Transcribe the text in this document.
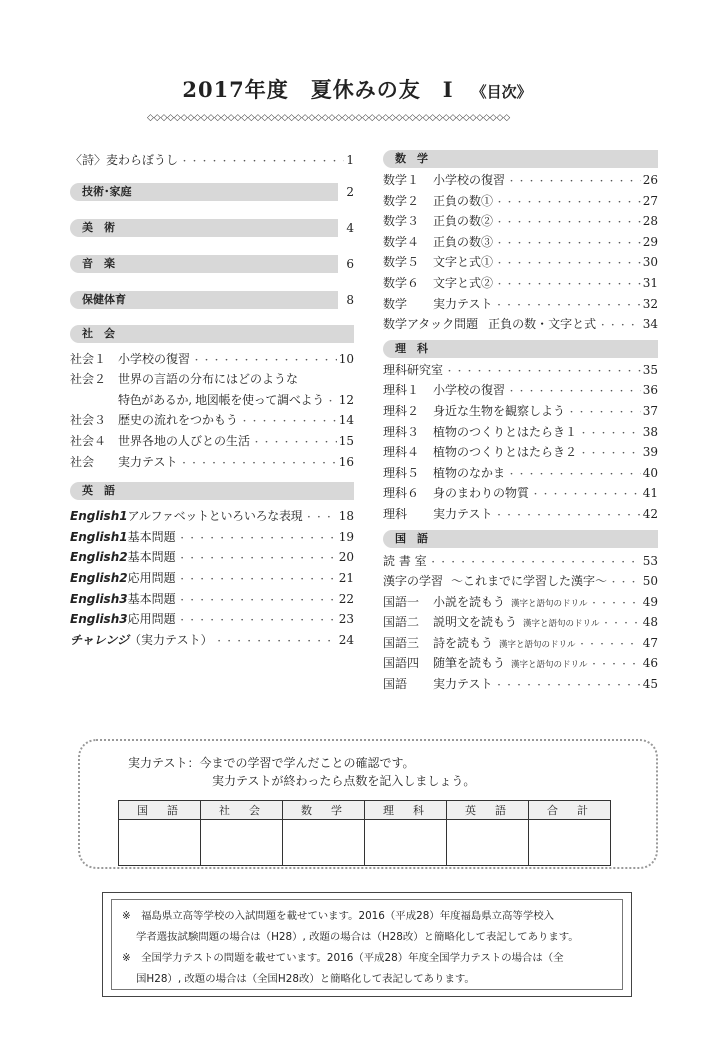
2017年度　夏休みの友　Ⅰ 《目次》
◇◇◇◇◇◇◇◇◇◇◇◇◇◇◇◇◇◇◇◇◇◇◇◇◇◇◇◇◇◇◇◇◇◇◇◇◇◇◇◇◇◇◇◇◇◇◇◇◇◇◇◇◇◇
〈詩〉麦わらぼうし ・・・・・・・・・・・・・・・・・・・・・・・・・・・・・・・・・・・・・・・・・・・・・・・・・・・	1
技術･家庭	2
美　術	4
音　楽	6
保健体育	8
社　会
社会１ 小学校の復習 ・・・・・・・・・・・・・・・・・・・・・・・・・・・・・・・・・・・・・・・・・・・・・・・・・・・	10
社会２ 世界の言語の分布にはどのような
特色があるか, 地図帳を使って調べよう ・・・・・・・・・・・・・・・・・・・・・・・・・・・・・・・・・・・・・・・・・・・・・・・・・・・ 12
社会３ 歴史の流れをつかもう ・・・・・・・・・・・・・・・・・・・・・・・・・・・・・・・・・・・・・・・・・・・・・・・・・・・	14
社会４ 世界各地の人びとの生活 ・・・・・・・・・・・・・・・・・・・・・・・・・・・・・・・・・・・・・・・・・・・・・・・・・・・	15
社会	実力テスト ・・・・・・・・・・・・・・・・・・・・・・・・・・・・・・・・・・・・・・・・・・・・・・・・・・・	16
英　語
English1 アルファベットといろいろな表現 ・・・・・・・・・・・・・・・・・・・・・・・・・・・・・・・・・・・・・・・・・・・・・・・・・・・	18
English1 基本問題 ・・・・・・・・・・・・・・・・・・・・・・・・・・・・・・・・・・・・・・・・・・・・・・・・・・・	19
English2 基本問題 ・・・・・・・・・・・・・・・・・・・・・・・・・・・・・・・・・・・・・・・・・・・・・・・・・・・	20
English2 応用問題 ・・・・・・・・・・・・・・・・・・・・・・・・・・・・・・・・・・・・・・・・・・・・・・・・・・・	21
English3 基本問題 ・・・・・・・・・・・・・・・・・・・・・・・・・・・・・・・・・・・・・・・・・・・・・・・・・・・	22
English3 応用問題 ・・・・・・・・・・・・・・・・・・・・・・・・・・・・・・・・・・・・・・・・・・・・・・・・・・・	23
チャレンジ （実力テスト） ・・・・・・・・・・・・・・・・・・・・・・・・・・・・・・・・・・・・・・・・・・・・・・・・・・・	24
数　学
数学１	小学校の復習 ・・・・・・・・・・・・・・・・・・・・・・・・・・・・・・・・・・・・・・・・・・・・・・・・・・・	26
数学２	正負の数① ・・・・・・・・・・・・・・・・・・・・・・・・・・・・・・・・・・・・・・・・・・・・・・・・・・・	27
数学３	正負の数② ・・・・・・・・・・・・・・・・・・・・・・・・・・・・・・・・・・・・・・・・・・・・・・・・・・・	28
数学４	正負の数③ ・・・・・・・・・・・・・・・・・・・・・・・・・・・・・・・・・・・・・・・・・・・・・・・・・・・	29
数学５	文字と式① ・・・・・・・・・・・・・・・・・・・・・・・・・・・・・・・・・・・・・・・・・・・・・・・・・・・	30
数学６	文字と式② ・・・・・・・・・・・・・・・・・・・・・・・・・・・・・・・・・・・・・・・・・・・・・・・・・・・	31
数学	実力テスト ・・・・・・・・・・・・・・・・・・・・・・・・・・・・・・・・・・・・・・・・・・・・・・・・・・・	32
数学アタック問題 正負の数・文字と式 ・・・・・・・・・・・・・・・・・・・・・・・・・・・・・・・・・・・・・・・・・・・・・・・・・・・	34
理　科
理科研究室 ・・・・・・・・・・・・・・・・・・・・・・・・・・・・・・・・・・・・・・・・・・・・・・・・・・・	35
理科１	小学校の復習 ・・・・・・・・・・・・・・・・・・・・・・・・・・・・・・・・・・・・・・・・・・・・・・・・・・・	36
理科２	身近な生物を観察しよう ・・・・・・・・・・・・・・・・・・・・・・・・・・・・・・・・・・・・・・・・・・・・・・・・・・・	37
理科３	植物のつくりとはたらき１ ・・・・・・・・・・・・・・・・・・・・・・・・・・・・・・・・・・・・・・・・・・・・・・・・・・・	38
理科４	植物のつくりとはたらき２ ・・・・・・・・・・・・・・・・・・・・・・・・・・・・・・・・・・・・・・・・・・・・・・・・・・・	39
理科５	植物のなかま ・・・・・・・・・・・・・・・・・・・・・・・・・・・・・・・・・・・・・・・・・・・・・・・・・・・	40
理科６	身のまわりの物質 ・・・・・・・・・・・・・・・・・・・・・・・・・・・・・・・・・・・・・・・・・・・・・・・・・・・	41
理科	実力テスト ・・・・・・・・・・・・・・・・・・・・・・・・・・・・・・・・・・・・・・・・・・・・・・・・・・・	42
国　語
読 書 室 ・・・・・・・・・・・・・・・・・・・・・・・・・・・・・・・・・・・・・・・・・・・・・・・・・・・	53
漢字の学習 ～これまでに学習した漢字～ ・・・・・・・・・・・・・・・・・・・・・・・・・・・・・・・・・・・・・・・・・・・・・・・・・・・	50
国語一	小説を読もう 漢字と語句のドリル ・・・・・・・・・・・・・・・・・・・・・・・・・・・・・・・・・・・・・・・・・・・・・・・・・・・	49
国語二	説明文を読もう 漢字と語句のドリル ・・・・・・・・・・・・・・・・・・・・・・・・・・・・・・・・・・・・・・・・・・・・・・・・・・・	48
国語三	詩を読もう 漢字と語句のドリル ・・・・・・・・・・・・・・・・・・・・・・・・・・・・・・・・・・・・・・・・・・・・・・・・・・・	47
国語四	随筆を読もう 漢字と語句のドリル ・・・・・・・・・・・・・・・・・・・・・・・・・・・・・・・・・・・・・・・・・・・・・・・・・・・	46
国語	実力テスト ・・・・・・・・・・・・・・・・・・・・・・・・・・・・・・・・・・・・・・・・・・・・・・・・・・・	45
実力テスト：今までの学習で学んだことの確認です。
実力テストが終わったら点数を記入しましょう。
国　語	社　会	数　学	理　科	英　語	合　計

※　福島県立高等学校の入試問題を載せています。2016（平成28）年度福島県立高等学校入

学者選抜試験問題の場合は（H28）, 改題の場合は（H28改）と簡略化して表記してあります。

※　全国学力テストの問題を載せています。2016（平成28）年度全国学力テストの場合は（全

国H28）, 改題の場合は（全国H28改）と簡略化して表記してあります。
